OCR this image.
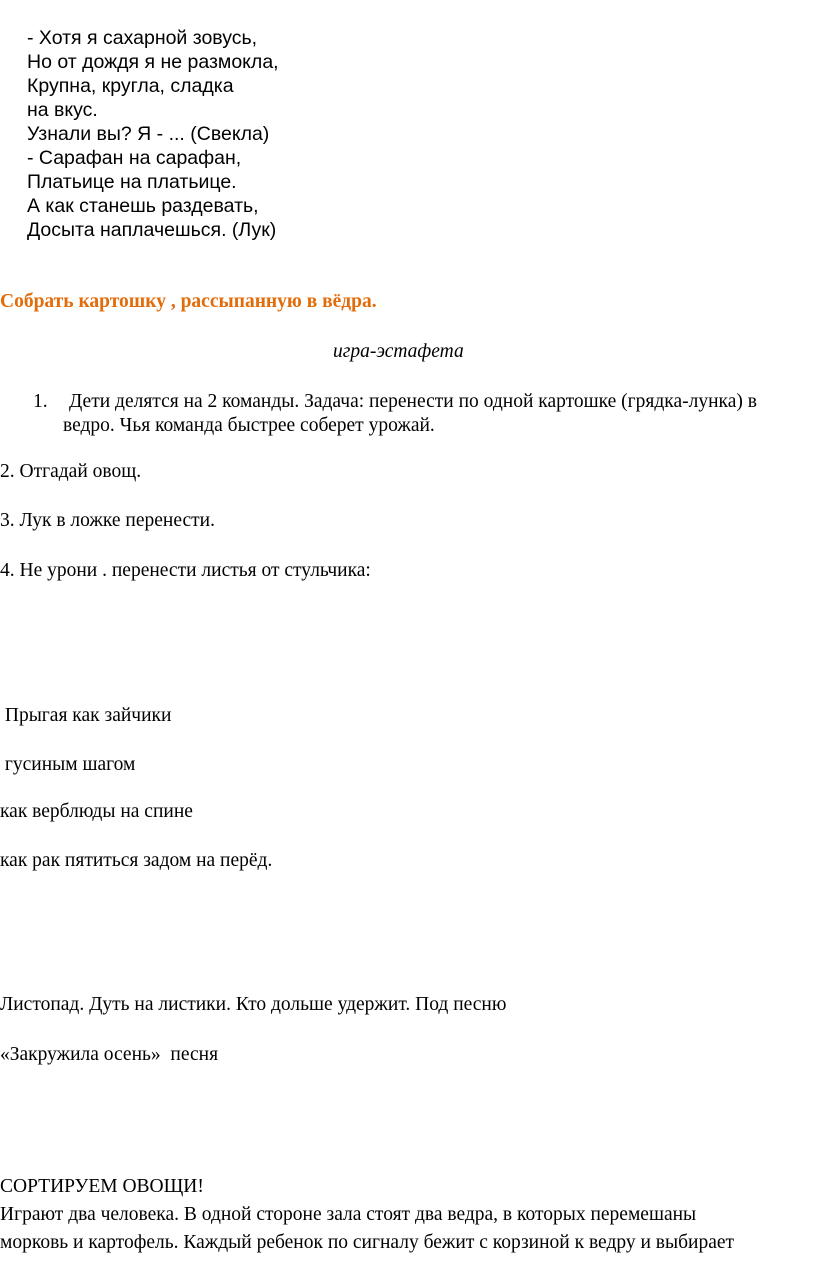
- Хотя я сахарной зовусь,
Но от дождя я не размокла,
Крупна, кругла, сладка
на вкус.
Узнали вы? Я - ... (Свекла)
- Сарафан на сарафан,
Платьице на платьице.
А как станешь раздевать,
Досыта наплачешься. (Лук)
Собрать картошку , рассыпанную в вёдра.
игра-эстафета
1. Дети делятся на 2 команды. Задача: перенести по одной картошке (грядка-лунка) в
ведро. Чья команда быстрее соберет урожай.
2. Отгадай овощ.
3. Лук в ложке перенести.
4. Не урони . перенести листья от стульчика:
Прыгая как зайчики
гусиным шагом
как верблюды на спине
как рак пятиться задом на перёд.
Листопад. Дуть на листики. Кто дольше удержит. Под песню
«Закружила осень»  песня
СОРТИРУЕМ ОВОЩИ!
Играют два человека. В одной стороне зала стоят два ведра, в которых перемешаны
морковь и картофель. Каждый ребенок по сигналу бежит с корзиной к ведру и выбирает
